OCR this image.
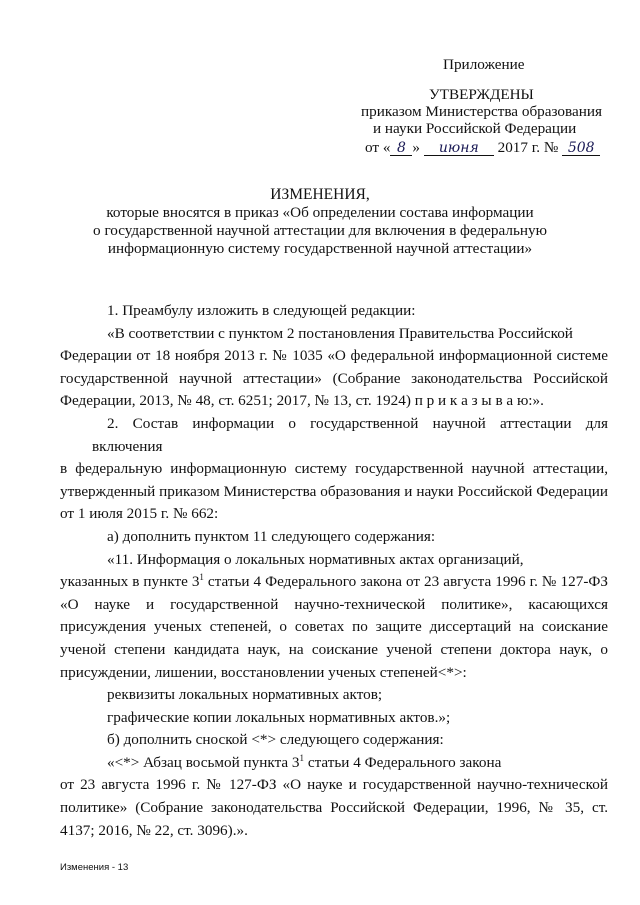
Приложение
УТВЕРЖДЕНЫ
приказом Министерства образования
и науки Российской Федерации
от « 8 » июня 2017 г. № 508
ИЗМЕНЕНИЯ,
которые вносятся в приказ «Об определении состава информации
о государственной научной аттестации для включения в федеральную
информационную систему государственной научной аттестации»

1. Преамбулу изложить в следующей редакции:

«В соответствии с пунктом 2 постановления Правительства Российской

Федерации от 18 ноября 2013 г. № 1035 «О федеральной информационной системе государственной научной аттестации» (Собрание законодательства Российской Федерации, 2013, № 48, ст. 6251; 2017, № 13, ст. 1924) п р и к а з ы в а ю:».

2. Состав информации о государственной научной аттестации для включения

в федеральную информационную систему государственной научной аттестации, утвержденный приказом Министерства образования и науки Российской Федерации от 1 июля 2015 г. № 662:

а) дополнить пунктом 11 следующего содержания:

«11. Информация о локальных нормативных актах организаций,

указанных в пункте $3^1$ статьи 4 Федерального закона от 23 августа 1996 г. № 127-ФЗ «О науке и государственной научно-технической политике», касающихся присуждения ученых степеней, о советах по защите диссертаций на соискание ученой степени кандидата наук, на соискание ученой степени доктора наук, о присуждении, лишении, восстановлении ученых степеней<*>:

реквизиты локальных нормативных актов;

графические копии локальных нормативных актов.»;

б) дополнить сноской <*> следующего содержания:

«<*> Абзац восьмой пункта $3^1$ статьи 4 Федерального закона

от 23 августа 1996 г. № 127-ФЗ «О науке и государственной научно-технической политике» (Собрание законодательства Российской Федерации, 1996, № 35, ст. 4137; 2016, № 22, ст. 3096).».

Изменения - 13
